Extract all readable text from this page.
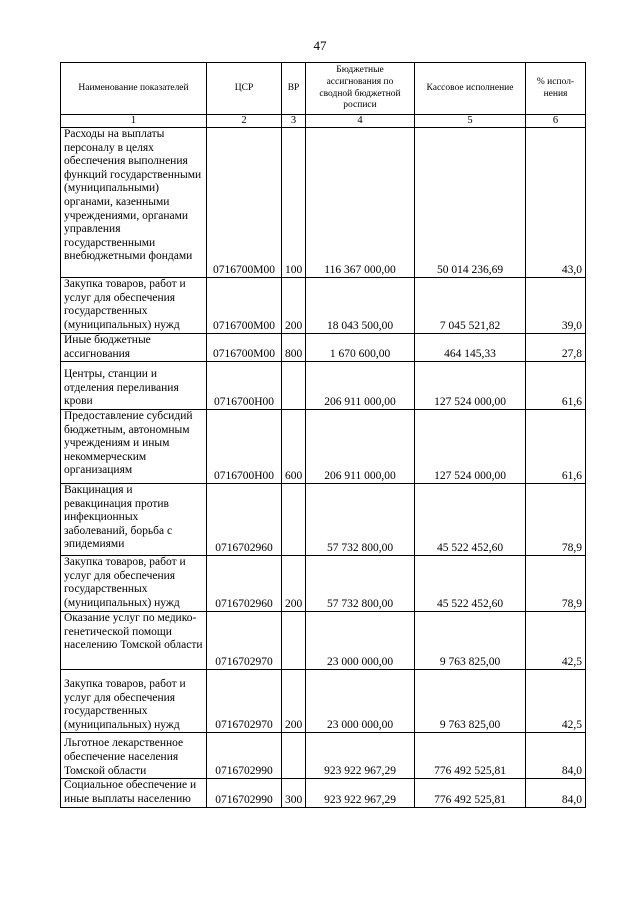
47
Наименование показателей	ЦСР	ВР	Бюджетные ассигнования по сводной бюджетной росписи	Кассовое исполнение	% испол-нения
1	2	3	4	5	6
Расходы на выплаты персоналу в целях обеспечения выполнения функций государственными (муниципальными) органами, казенными учреждениями, органами управления государственными внебюджетными фондами	0716700М00	100	116 367 000,00	50 014 236,69	43,0
Закупка товаров, работ и услуг для обеспечения государственных (муниципальных) нужд	0716700М00	200	18 043 500,00	7 045 521,82	39,0
Иные бюджетные ассигнования	0716700М00	800	1 670 600,00	464 145,33	27,8
Центры, станции и отделения переливания крови	0716700Н00		206 911 000,00	127 524 000,00	61,6
Предоставление субсидий бюджетным, автономным учреждениям и иным некоммерческим организациям	0716700Н00	600	206 911 000,00	127 524 000,00	61,6
Вакцинация и ревакцинация против инфекционных заболеваний, борьба с эпидемиями	0716702960		57 732 800,00	45 522 452,60	78,9
Закупка товаров, работ и услуг для обеспечения государственных (муниципальных) нужд	0716702960	200	57 732 800,00	45 522 452,60	78,9
Оказание услуг по медико-генетической помощи населению Томской области	0716702970		23 000 000,00	9 763 825,00	42,5
Закупка товаров, работ и услуг для обеспечения государственных (муниципальных) нужд	0716702970	200	23 000 000,00	9 763 825,00	42,5
Льготное лекарственное обеспечение населения Томской области	0716702990		923 922 967,29	776 492 525,81	84,0
Социальное обеспечение и иные выплаты населению	0716702990	300	923 922 967,29	776 492 525,81	84,0
